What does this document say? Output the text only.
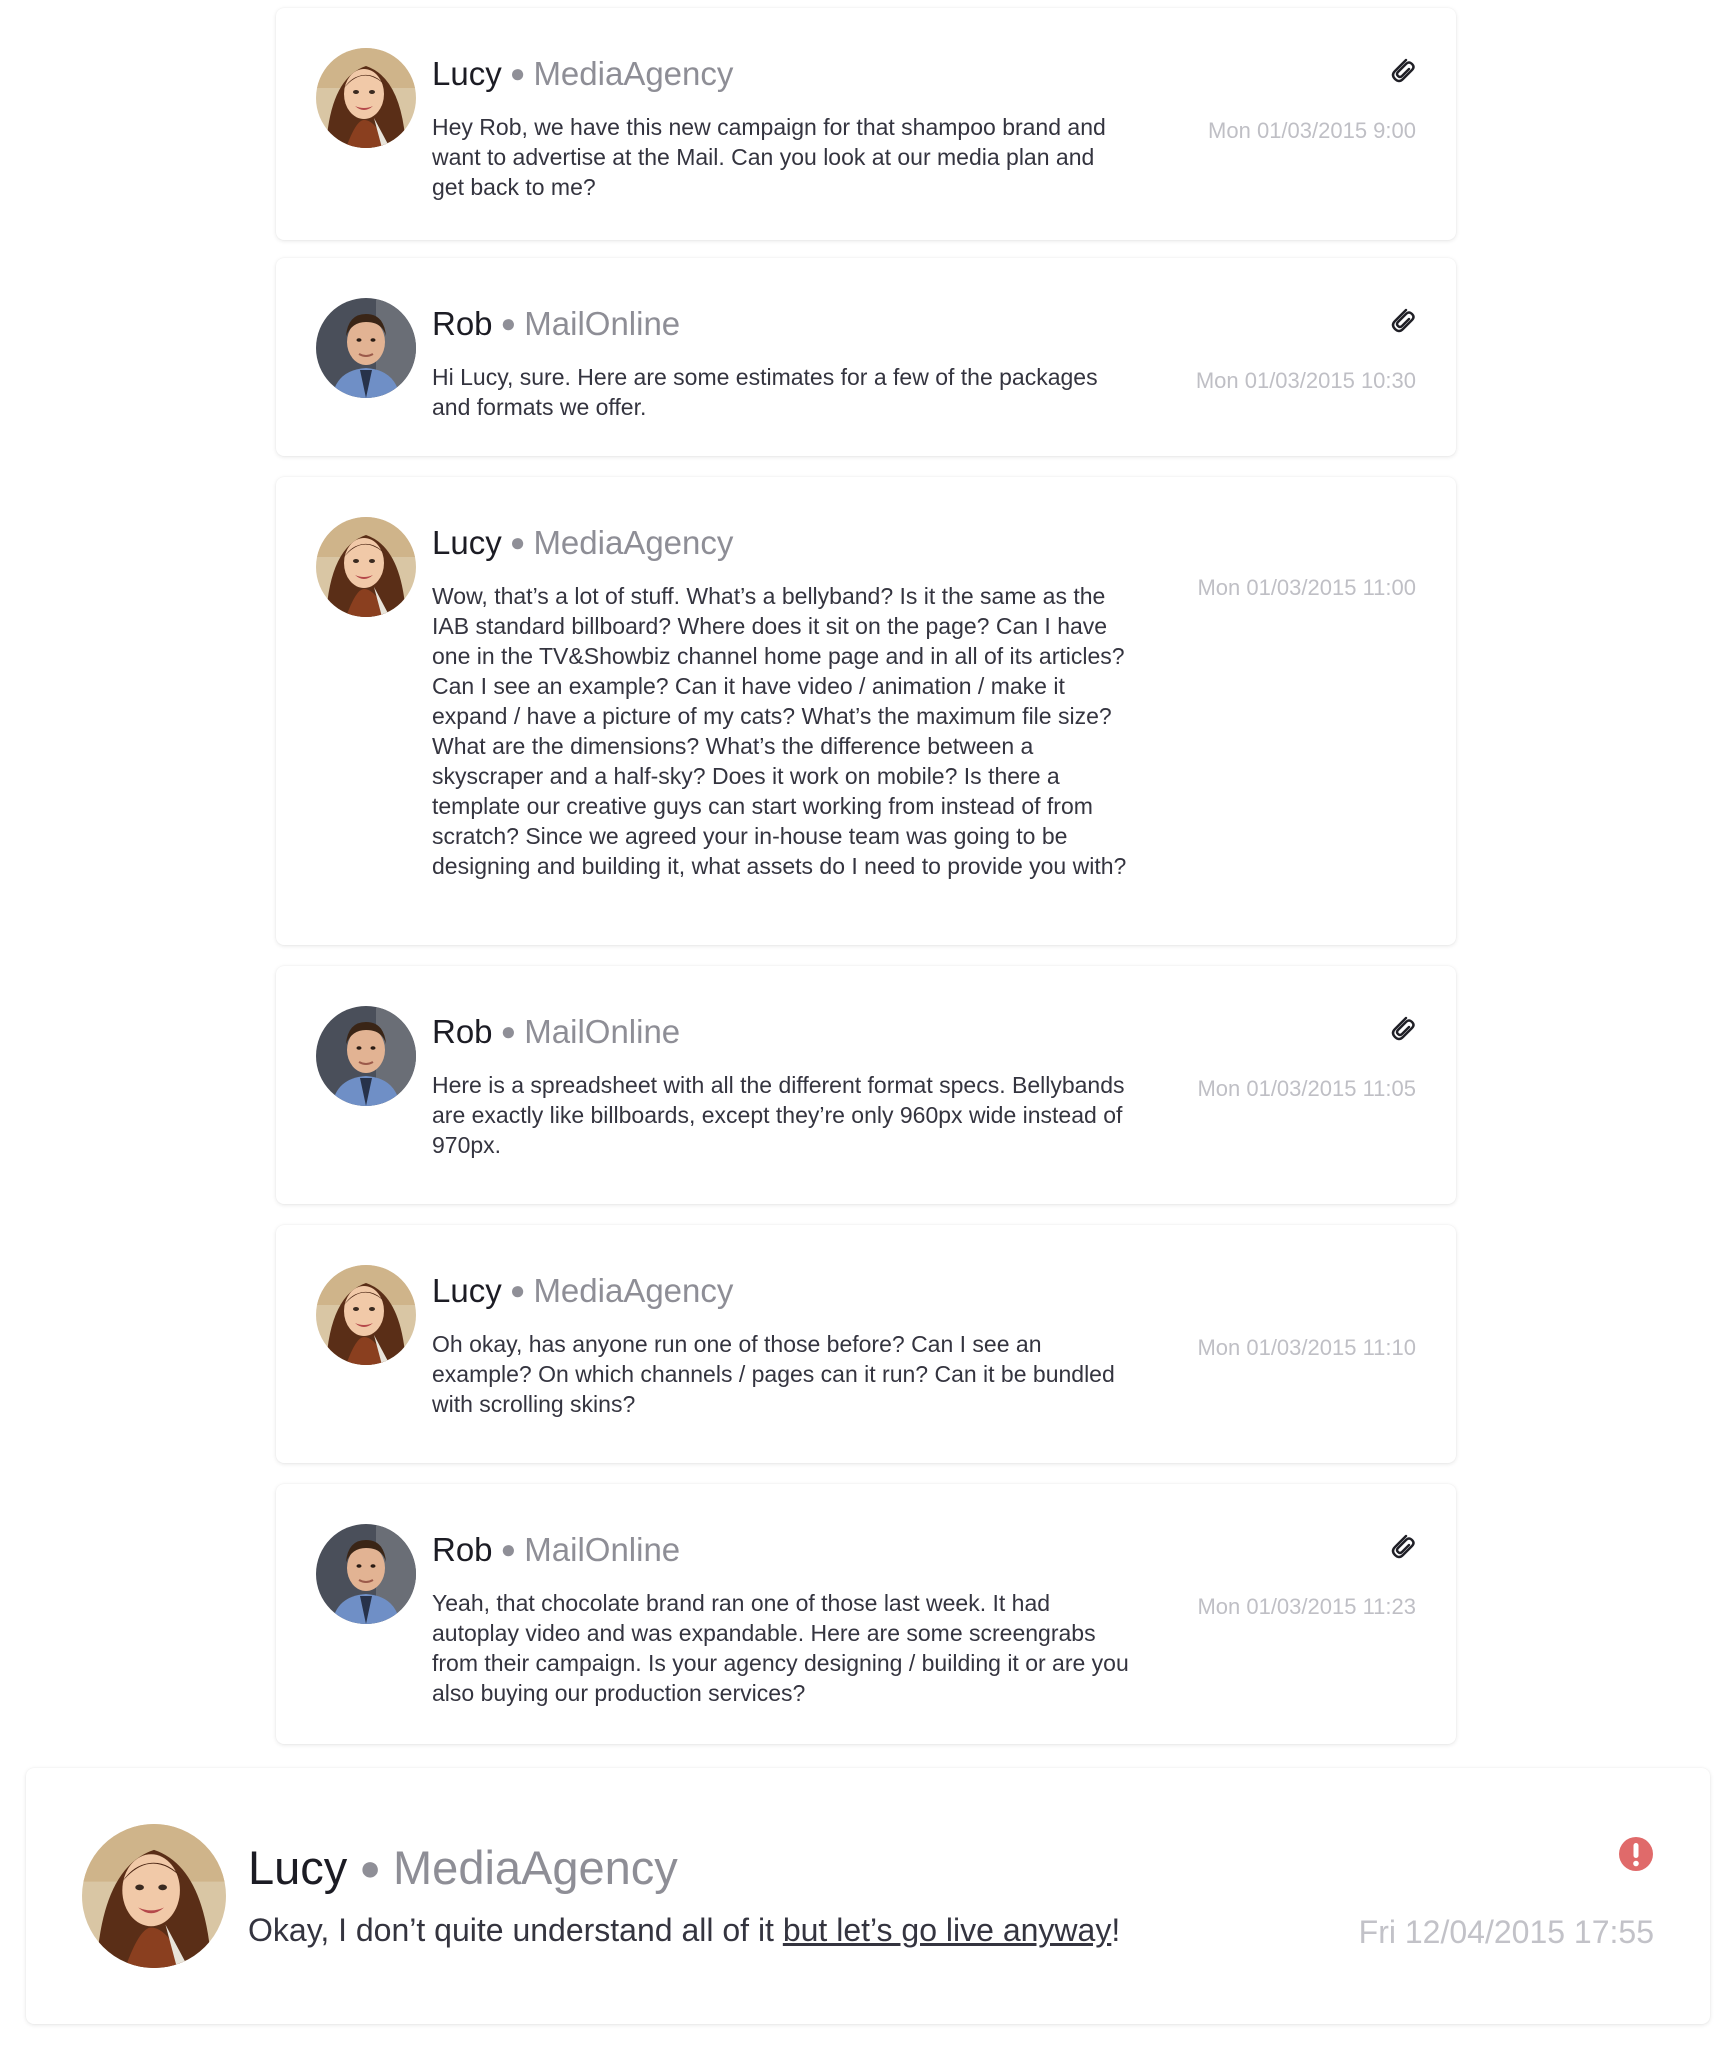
Lucy ● MediaAgency
Hey Rob, we have this new campaign for that shampoo brand and want to advertise at the Mail. Can you look at our media plan and get back to me?
Mon 01/03/2015 9:00
Rob ● MailOnline
Hi Lucy, sure. Here are some estimates for a few of the packages and formats we offer.
Mon 01/03/2015 10:30
Lucy ● MediaAgency
Wow, that’s a lot of stuff. What’s a bellyband? Is it the same as the IAB standard billboard? Where does it sit on the page? Can I have one in the TV&Showbiz channel home page and in all of its articles? Can I see an example? Can it have video / animation / make it expand / have a picture of my cats? What’s the maximum file size? What are the dimensions? What’s the difference between a skyscraper and a half-sky? Does it work on mobile? Is there a template our creative guys can start working from instead of from scratch? Since we agreed your in-house team was going to be designing and building it, what assets do I need to provide you with?
Mon 01/03/2015 11:00
Rob ● MailOnline
Here is a spreadsheet with all the different format specs. Bellybands are exactly like billboards, except they’re only 960px wide instead of 970px.
Mon 01/03/2015 11:05
Lucy ● MediaAgency
Oh okay, has anyone run one of those before? Can I see an example? On which channels / pages can it run? Can it be bundled with scrolling skins?
Mon 01/03/2015 11:10
Rob ● MailOnline
Yeah, that chocolate brand ran one of those last week. It had autoplay video and was expandable. Here are some screengrabs from their campaign. Is your agency designing / building it or are you also buying our production services?
Mon 01/03/2015 11:23
Lucy ● MediaAgency
Okay, I don’t quite understand all of it but let’s go live anyway!	Fri 12/04/2015 17:55
